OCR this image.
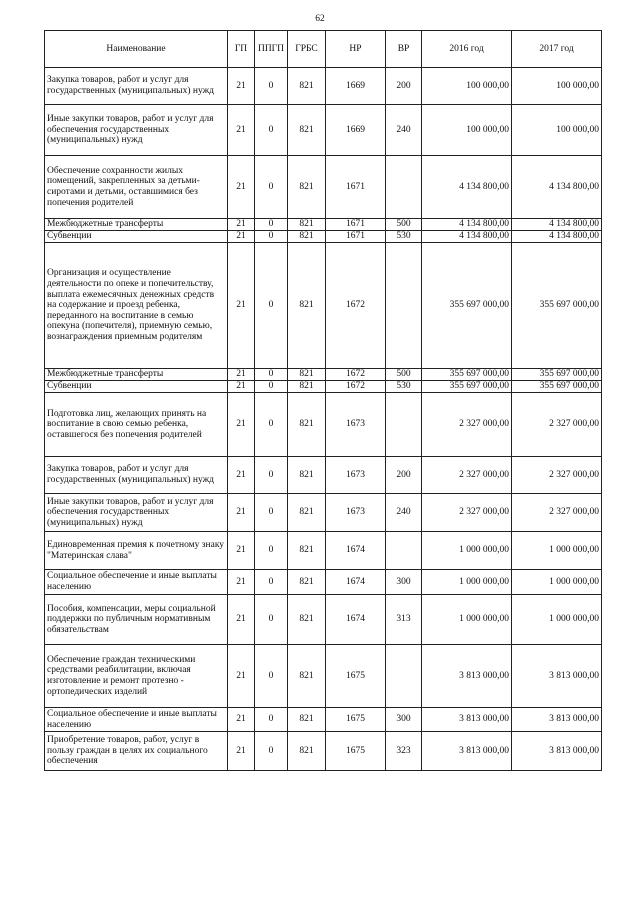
62
Наименование	ГП	ППГП	ГРБС	НР	ВР	2016 год	2017 год
Закупка товаров, работ и услуг для государственных (муниципальных) нужд	21	0	821	1669	200	100 000,00	100 000,00
Иные закупки товаров, работ и услуг для обеспечения государственных (муниципальных) нужд	21	0	821	1669	240	100 000,00	100 000,00
Обеспечение сохранности жилых помещений, закрепленных за детьми-сиротами и детьми, оставшимися без попечения родителей	21	0	821	1671		4 134 800,00	4 134 800,00
Межбюджетные трансферты	21	0	821	1671	500	4 134 800,00	4 134 800,00
Субвенции	21	0	821	1671	530	4 134 800,00	4 134 800,00
Организация и осуществление деятельности по опеке и попечительству, выплата ежемесячных денежных средств на содержание и проезд ребенка, переданного на воспитание в семью опекуна (попечителя), приемную семью, вознаграждения приемным родителям	21	0	821	1672		355 697 000,00	355 697 000,00
Межбюджетные трансферты	21	0	821	1672	500	355 697 000,00	355 697 000,00
Субвенции	21	0	821	1672	530	355 697 000,00	355 697 000,00
Подготовка лиц, желающих принять на воспитание в свою семью ребенка, оставшегося без попечения родителей	21	0	821	1673		2 327 000,00	2 327 000,00
Закупка товаров, работ и услуг для государственных (муниципальных) нужд	21	0	821	1673	200	2 327 000,00	2 327 000,00
Иные закупки товаров, работ и услуг для обеспечения государственных (муниципальных) нужд	21	0	821	1673	240	2 327 000,00	2 327 000,00
Единовременная премия к почетному знаку "Материнская слава"	21	0	821	1674		1 000 000,00	1 000 000,00
Социальное обеспечение и иные выплаты населению	21	0	821	1674	300	1 000 000,00	1 000 000,00
Пособия, компенсации, меры социальной поддержки по публичным нормативным обязательствам	21	0	821	1674	313	1 000 000,00	1 000 000,00
Обеспечение граждан техническими средствами реабилитации, включая изготовление и ремонт протезно - ортопедических изделий	21	0	821	1675		3 813 000,00	3 813 000,00
Социальное обеспечение и иные выплаты населению	21	0	821	1675	300	3 813 000,00	3 813 000,00
Приобретение товаров, работ, услуг в пользу граждан в целях их социального обеспечения	21	0	821	1675	323	3 813 000,00	3 813 000,00
